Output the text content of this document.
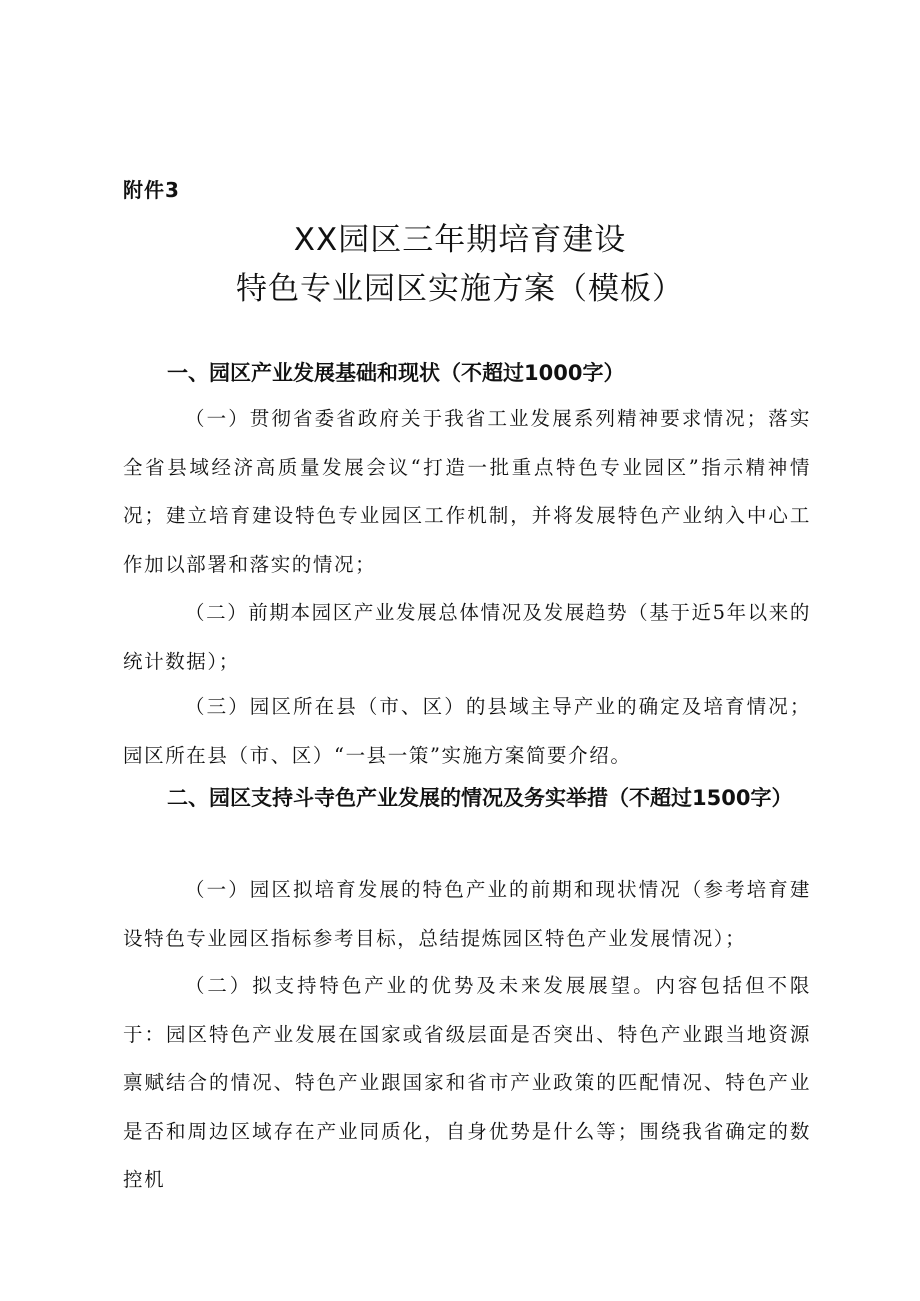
附件3
XX园区三年期培育建设
特色专业园区实施方案（模板）

一、园区产业发展基础和现状（不超过1000字）

（一）贯彻省委省政府关于我省工业发展系列精神要求情况；落实全省县域经济高质量发展会议“打造一批重点特色专业园区”指示精神情况；建立培育建设特色专业园区工作机制，并将发展特色产业纳入中心工作加以部署和落实的情况；

（二）前期本园区产业发展总体情况及发展趋势（基于近5年以来的统计数据）；

（三）园区所在县（市、区）的县域主导产业的确定及培育情况；园区所在县（市、区）“一县一策”实施方案简要介绍。

二、园区支持斗寺色产业发展的情况及务实举措（不超过1500字）

（一）园区拟培育发展的特色产业的前期和现状情况（参考培育建设特色专业园区指标参考目标，总结提炼园区特色产业发展情况）；

（二）拟支持特色产业的优势及未来发展展望。内容包括但不限于：园区特色产业发展在国家或省级层面是否突出、特色产业跟当地资源禀赋结合的情况、特色产业跟国家和省市产业政策的匹配情况、特色产业是否和周边区域存在产业同质化，自身优势是什么等；围绕我省确定的数控机
